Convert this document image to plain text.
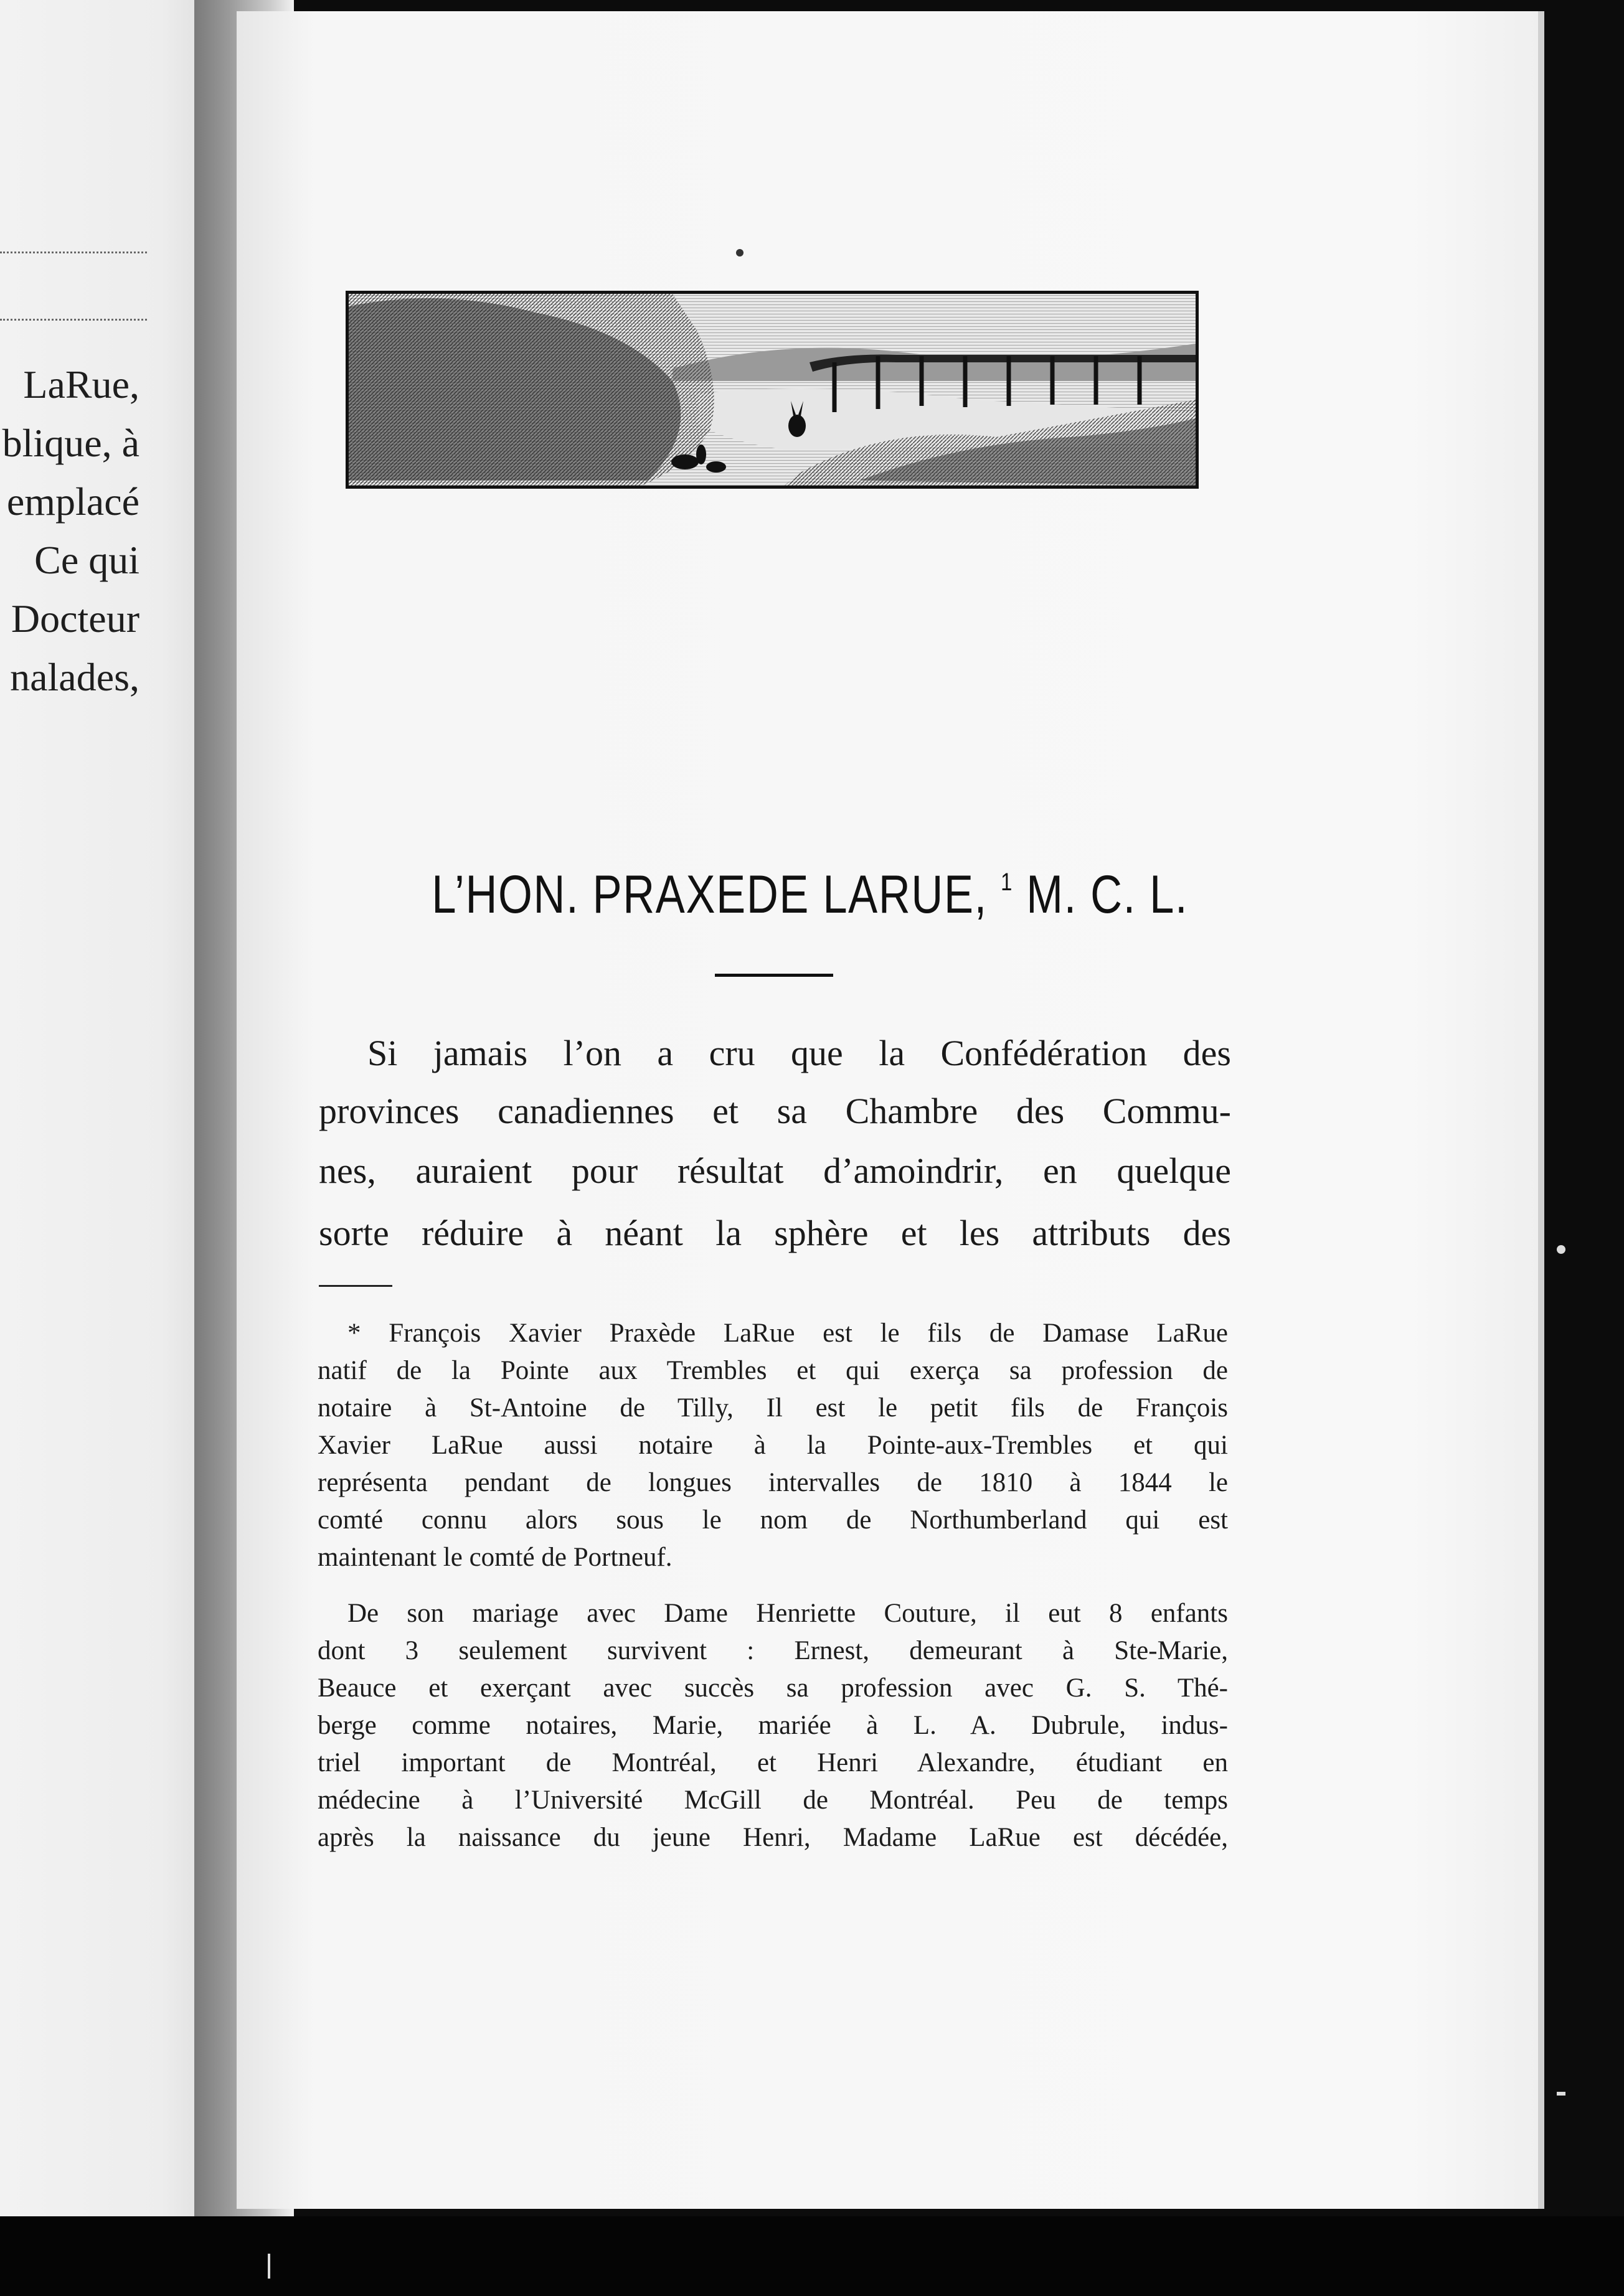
LaRue,
blique, à
emplacé
Ce qui
Docteur
nalades,
L’HON. PRAXEDE LARUE, $^1$ M. C. L.
Si jamais l’on a cru que la Confédération des
provinces canadiennes et sa Chambre des Commu-
nes, auraient pour résultat d’amoindrir, en quelque
sorte réduire à néant la sphère et les attributs des
* François Xavier Praxède LaRue est le fils de Damase LaRue
natif de la Pointe aux Trembles et qui exerça sa profession de
notaire à St-Antoine de Tilly, Il est le petit fils de François
Xavier LaRue aussi notaire à la Pointe-aux-Trembles et qui
représenta pendant de longues intervalles de 1810 à 1844 le
comté connu alors sous le nom de Northumberland qui est
maintenant le comté de Portneuf.
De son mariage avec Dame Henriette Couture, il eut 8 enfants
dont 3 seulement survivent : Ernest, demeurant à Ste-Marie,
Beauce et exerçant avec succès sa profession avec G. S. Thé-
berge comme notaires, Marie, mariée à L. A. Dubrule, indus-
triel important de Montréal, et Henri Alexandre, étudiant en
médecine à l’Université McGill de Montréal. Peu de temps
après la naissance du jeune Henri, Madame LaRue est décédée,
